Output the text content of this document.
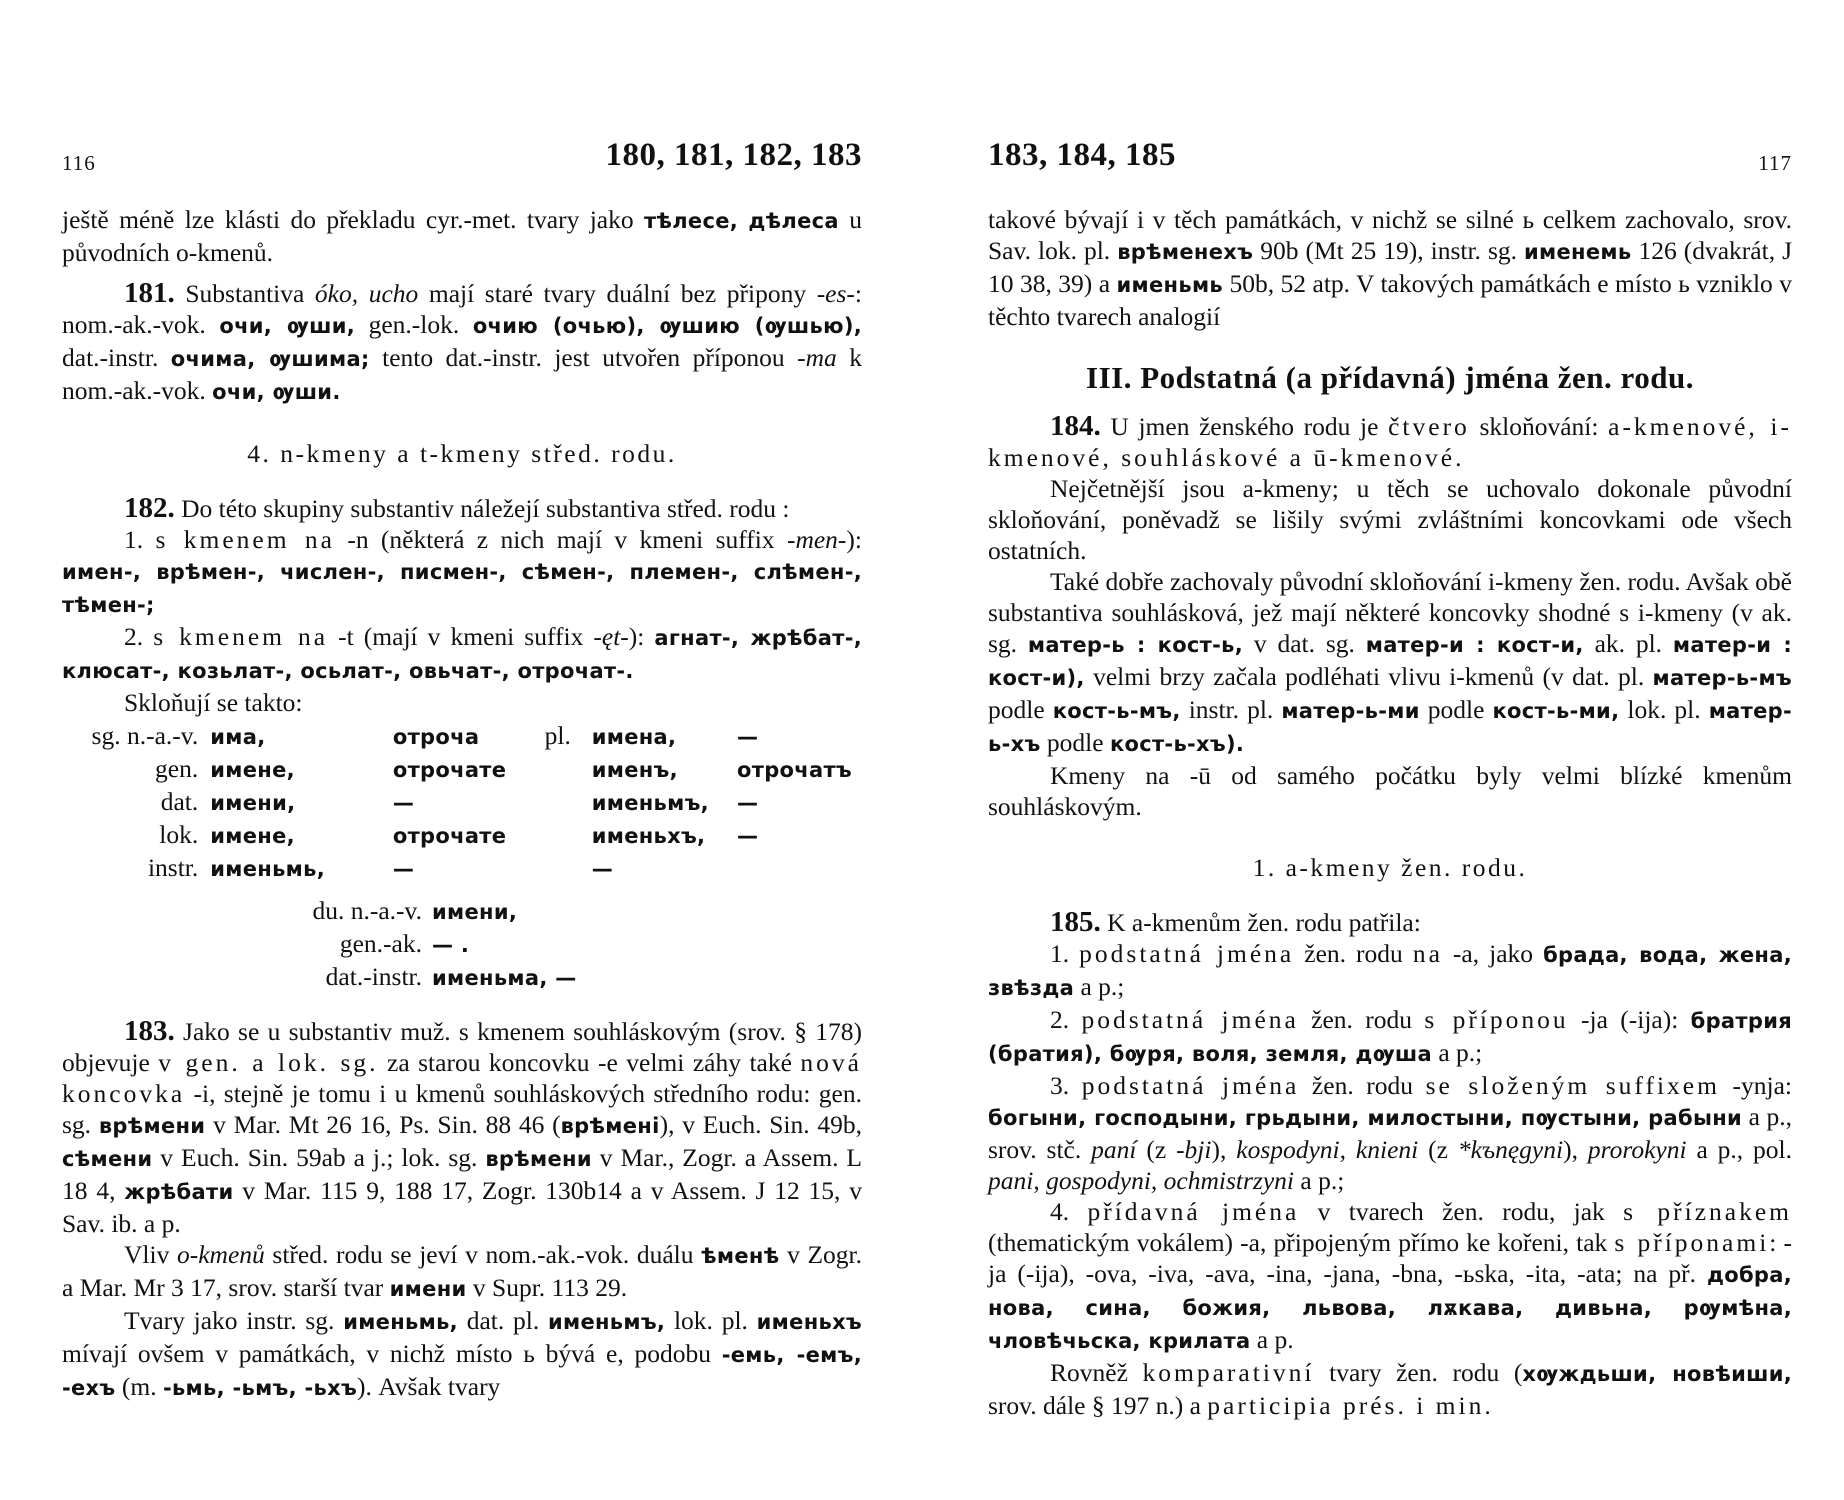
116	180, 181, 182, 183

ještě méně lze klásti do překladu cyr.-met. tvary jako тѣлесе, дѣлеса u původních o-kmenů.

181. Substantiva óko, ucho mají staré tvary duální bez připony -es-: nom.-ak.-vok. очи, ѹши, gen.-lok. очию (очью), ѹшию (ѹшью), dat.-instr. очима, ѹшима; tento dat.-instr. jest utvořen příponou -ma k nom.-ak.-vok. очи, ѹши.

4. n-kmeny a t-kmeny střed. rodu.

182. Do této skupiny substantiv náležejí substantiva střed. rodu :

1. s kmenem na -n (některá z nich mají v kmeni suffix -men-): имен-, врѣмен-, числен-, писмен-, сѣмен-, племен-, слѣмен-, тѣмен-;

2. s kmenem na -t (mají v kmeni suffix -ęt-): агнат-, жрѣбат-, клюсат-, козьлат-, осьлат-, овьчат-, отрочат-.

Skloňují se takto:

sg. n.-a.-v.	има,	отроча	pl.	имена,	—
gen.	имене,	отрочате		именъ,	отрочатъ
dat.	имени,	—		именьмъ,	—
lok.	имене,	отрочате		именьхъ,	—
instr.	именьмь,	—		—	
du. n.-a.-v. имени,
gen.-ak. — .
dat.-instr. именьма, —

183. Jako se u substantiv muž. s kmenem souhláskovým (srov. § 178) objevuje v gen. a lok. sg. za starou koncovku -e velmi záhy také nová koncovka -i, stejně je tomu i u kmenů souhláskových středního rodu: gen. sg. врѣмени v Mar. Mt 26 16, Ps. Sin. 88 46 (врѣмені), v Euch. Sin. 49b, сѣмени v Euch. Sin. 59ab a j.; lok. sg. врѣмени v Mar., Zogr. a Assem. L 18 4, жрѣбати v Mar. 115 9, 188 17, Zogr. 130b14 a v Assem. J 12 15, v Sav. ib. a p.

Vliv o-kmenů střed. rodu se jeví v nom.-ak.-vok. duálu ѣменѣ v Zogr. a Mar. Mr 3 17, srov. starší tvar имени v Supr. 113 29.

Tvary jako instr. sg. именьмь, dat. pl. именьмъ, lok. pl. именьхъ mívají ovšem v památkách, v nichž místo ь bývá e, podobu -емь, -емъ, -ехъ (m. -ьмь, -ьмъ, -ьхъ). Avšak tvary

183, 184, 185	117

takové bývají i v těch památkách, v nichž se silné ь celkem zachovalo, srov. Sav. lok. pl. врѣменехъ 90b (Mt 25 19), instr. sg. именемь 126 (dvakrát, J 10 38, 39) a именьмь 50b, 52 atp. V takových památkách e místo ь vzniklo v těchto tvarech analogií

III. Podstatná (a přídavná) jména žen. rodu.

184. U jmen ženského rodu je čtvero skloňování: a-kmenové, i-kmenové, souhláskové a ū-kmenové.

Nejčetnější jsou a-kmeny; u těch se uchovalo dokonale původní skloňování, poněvadž se lišily svými zvláštními koncovkami ode všech ostatních.

Také dobře zachovaly původní skloňování i-kmeny žen. rodu. Avšak obě substantiva souhlásková, jež mají některé koncovky shodné s i-kmeny (v ak. sg. матер-ь : кост-ь, v dat. sg. матер-и : кост-и, ak. pl. матер-и : кост-и), velmi brzy začala podléhati vlivu i-kmenů (v dat. pl. матер-ь-мъ podle кост-ь-мъ, instr. pl. матер-ь-ми podle кост-ь-ми, lok. pl. матер-ь-хъ podle кост-ь-хъ).

Kmeny na -ū od samého počátku byly velmi blízké kmenům souhláskovým.

1. a-kmeny žen. rodu.

185. K a-kmenům žen. rodu patřila:

1. podstatná jména žen. rodu na -a, jako брада, вода, жена, звѣзда a p.;

2. podstatná jména žen. rodu s příponou -ja (-ija): братрия (братия), бѹря, воля, земля, дѹша a p.;

3. podstatná jména žen. rodu se složeným suffixem -ynja: богыни, господыни, грьдыни, милостыни, пѹстыни, рабыни a p., srov. stč. paní (z -bji), kospodyni, knieni (z *kъnęgyni), prorokyni a p., pol. pani, gospodyni, ochmistrzyni a p.;

4. přídavná jména v tvarech žen. rodu, jak s příznakem (thematickým vokálem) -a, připojeným přímo ke kořeni, tak s příponami: -ja (-ija), -ova, -iva, -ava, -ina, -jana, -bna, -ьska, -ita, -ata; na př. добра, нова, сина, божия, львова, лѫкава, дивьна, рѹмѣна, чловѣчьска, крилата a p.

Rovněž komparativní tvary žen. rodu (хѹждьши, новѣиши, srov. dále § 197 n.) a participia prés. i min.
